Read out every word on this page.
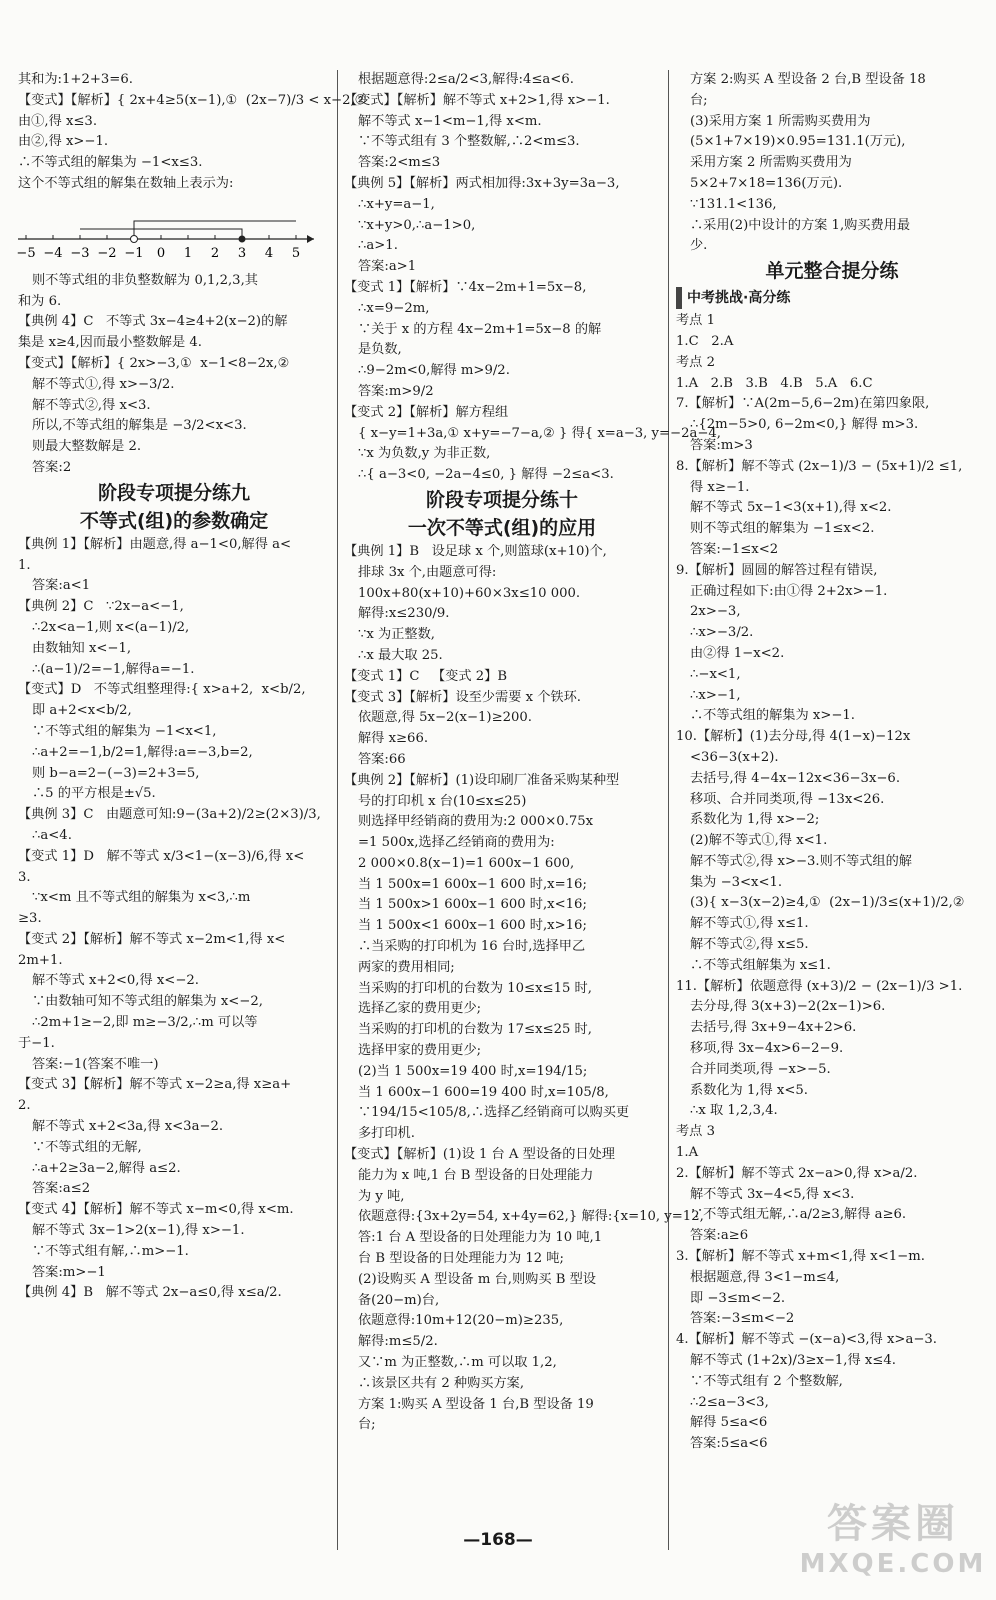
其和为:1+2+3=6.
【变式】【解析】{ 2x+4≥5(x−1),①  (2x−7)/3 < x−2,②
由①,得 x≤3.
由②,得 x>−1.
∴不等式组的解集为 −1<x≤3.
这个不等式组的解集在数轴上表示为:
−5 −4 −3 −2 −1 0 1 2 3 4 5
则不等式组的非负整数解为 0,1,2,3,其
和为 6.
【典例 4】C   不等式 3x−4≥4+2(x−2)的解
集是 x≥4,因而最小整数解是 4.
【变式】【解析】{ 2x>−3,①  x−1<8−2x,②
解不等式①,得 x>−3/2.
解不等式②,得 x<3.
所以,不等式组的解集是 −3/2<x<3.
则最大整数解是 2.
答案:2
阶段专项提分练九
不等式(组)的参数确定
【典例 1】【解析】由题意,得 a−1<0,解得 a<
1.
答案:a<1
【典例 2】C   ∵2x−a<−1,
∴2x<a−1,则 x<(a−1)/2,
由数轴知 x<−1,
∴(a−1)/2=−1,解得a=−1.
【变式】D   不等式组整理得:{ x>a+2,  x<b/2,
即 a+2<x<b/2,
∵不等式组的解集为 −1<x<1,
∴a+2=−1,b/2=1,解得:a=−3,b=2,
则 b−a=2−(−3)=2+3=5,
∴5 的平方根是±√5.
【典例 3】C   由题意可知:9−(3a+2)/2≥(2×3)/3,
∴a<4.
【变式 1】D   解不等式 x/3<1−(x−3)/6,得 x<
3.
∵x<m 且不等式组的解集为 x<3,∴m
≥3.
【变式 2】【解析】解不等式 x−2m<1,得 x<
2m+1.
解不等式 x+2<0,得 x<−2.
∵由数轴可知不等式组的解集为 x<−2,
∴2m+1≥−2,即 m≥−3/2,∴m 可以等
于−1.
答案:−1(答案不唯一)
【变式 3】【解析】解不等式 x−2≥a,得 x≥a+
2.
解不等式 x+2<3a,得 x<3a−2.
∵不等式组的无解,
∴a+2≥3a−2,解得 a≤2.
答案:a≤2
【变式 4】【解析】解不等式 x−m<0,得 x<m.
解不等式 3x−1>2(x−1),得 x>−1.
∵不等式组有解,∴m>−1.
答案:m>−1
【典例 4】B   解不等式 2x−a≤0,得 x≤a/2.
根据题意得:2≤a/2<3,解得:4≤a<6.
【变式】【解析】解不等式 x+2>1,得 x>−1.
解不等式 x−1<m−1,得 x<m.
∵不等式组有 3 个整数解,∴2<m≤3.
答案:2<m≤3
【典例 5】【解析】两式相加得:3x+3y=3a−3,
∴x+y=a−1,
∵x+y>0,∴a−1>0,
∴a>1.
答案:a>1
【变式 1】【解析】∵4x−2m+1=5x−8,
∴x=9−2m,
∵关于 x 的方程 4x−2m+1=5x−8 的解
是负数,
∴9−2m<0,解得 m>9/2.
答案:m>9/2
【变式 2】【解析】解方程组
{ x−y=1+3a,① x+y=−7−a,② } 得{ x=a−3, y=−2a−4,
∵x 为负数,y 为非正数,
∴{ a−3<0, −2a−4≤0, } 解得 −2≤a<3.
阶段专项提分练十
一次不等式(组)的应用
【典例 1】B   设足球 x 个,则篮球(x+10)个,
排球 3x 个,由题意可得:
100x+80(x+10)+60×3x≤10 000.
解得:x≤230/9.
∵x 为正整数,
∴x 最大取 25.
【变式 1】C   【变式 2】B
【变式 3】【解析】设至少需要 x 个铁环.
依题意,得 5x−2(x−1)≥200.
解得 x≥66.
答案:66
【典例 2】【解析】(1)设印刷厂准备采购某种型
号的打印机 x 台(10≤x≤25)
则选择甲经销商的费用为:2 000×0.75x
=1 500x,选择乙经销商的费用为:
2 000×0.8(x−1)=1 600x−1 600,
当 1 500x=1 600x−1 600 时,x=16;
当 1 500x>1 600x−1 600 时,x<16;
当 1 500x<1 600x−1 600 时,x>16;
∴当采购的打印机为 16 台时,选择甲乙
两家的费用相同;
当采购的打印机的台数为 10≤x≤15 时,
选择乙家的费用更少;
当采购的打印机的台数为 17≤x≤25 时,
选择甲家的费用更少;
(2)当 1 500x=19 400 时,x=194/15;
当 1 600x−1 600=19 400 时,x=105/8,
∵194/15<105/8,∴选择乙经销商可以购买更
多打印机.
【变式】【解析】(1)设 1 台 A 型设备的日处理
能力为 x 吨,1 台 B 型设备的日处理能力
为 y 吨,
依题意得:{3x+2y=54, x+4y=62,} 解得:{x=10, y=12,
答:1 台 A 型设备的日处理能力为 10 吨,1
台 B 型设备的日处理能力为 12 吨;
(2)设购买 A 型设备 m 台,则购买 B 型设
备(20−m)台,
依题意得:10m+12(20−m)≥235,
解得:m≤5/2.
又∵m 为正整数,∴m 可以取 1,2,
∴该景区共有 2 种购买方案,
方案 1:购买 A 型设备 1 台,B 型设备 19
台;
方案 2:购买 A 型设备 2 台,B 型设备 18
台;
(3)采用方案 1 所需购买费用为
(5×1+7×19)×0.95=131.1(万元),
采用方案 2 所需购买费用为
5×2+7×18=136(万元).
∵131.1<136,
∴采用(2)中设计的方案 1,购买费用最
少.
单元整合提分练
中考挑战·高分练
考点 1
1.C   2.A
考点 2
1.A   2.B   3.B   4.B   5.A   6.C
7.【解析】∵A(2m−5,6−2m)在第四象限,
∴{2m−5>0, 6−2m<0,} 解得 m>3.
答案:m>3
8.【解析】解不等式 (2x−1)/3 − (5x+1)/2 ≤1,
得 x≥−1.
解不等式 5x−1<3(x+1),得 x<2.
则不等式组的解集为 −1≤x<2.
答案:−1≤x<2
9.【解析】圆圆的解答过程有错误,
正确过程如下:由①得 2+2x>−1.
2x>−3,
∴x>−3/2.
由②得 1−x<2.
∴−x<1,
∴x>−1,
∴不等式组的解集为 x>−1.
10.【解析】(1)去分母,得 4(1−x)−12x
<36−3(x+2).
去括号,得 4−4x−12x<36−3x−6.
移项、合并同类项,得 −13x<26.
系数化为 1,得 x>−2;
(2)解不等式①,得 x<1.
解不等式②,得 x>−3.则不等式组的解
集为 −3<x<1.
(3){ x−3(x−2)≥4,①  (2x−1)/3≤(x+1)/2,②
解不等式①,得 x≤1.
解不等式②,得 x≤5.
∴不等式组解集为 x≤1.
11.【解析】依题意得 (x+3)/2 − (2x−1)/3 >1.
去分母,得 3(x+3)−2(2x−1)>6.
去括号,得 3x+9−4x+2>6.
移项,得 3x−4x>6−2−9.
合并同类项,得 −x>−5.
系数化为 1,得 x<5.
∴x 取 1,2,3,4.
考点 3
1.A
2.【解析】解不等式 2x−a>0,得 x>a/2.
解不等式 3x−4<5,得 x<3.
∵不等式组无解,∴a/2≥3,解得 a≥6.
答案:a≥6
3.【解析】解不等式 x+m<1,得 x<1−m.
根据题意,得 3<1−m≤4,
即 −3≤m<−2.
答案:−3≤m<−2
4.【解析】解不等式 −(x−a)<3,得 x>a−3.
解不等式 (1+2x)/3≥x−1,得 x≤4.
∵不等式组有 2 个整数解,
∴2≤a−3<3,
解得 5≤a<6
答案:5≤a<6
—168—	答案圈
MXQE.COM
